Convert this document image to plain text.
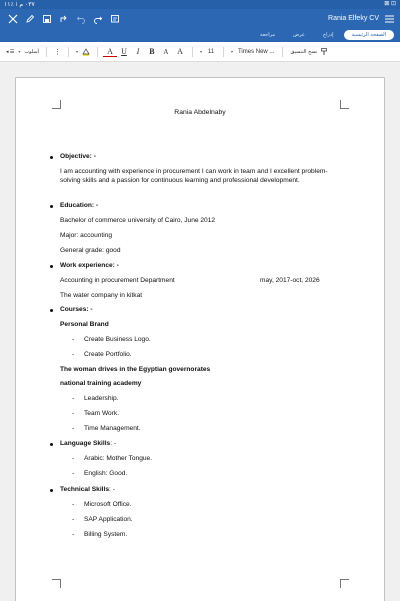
٠٣٧ م ⁞ ٪١١	⊠ ⊡
Rania Elfeky CV
مراجعة	عرض	إدراج	الصفحة الرئيسية
◂ ☰	▾ أسلوب ⋮	▾	A	U	I	B	A	A	▾ 11	▾ Times New ...	نسخ التنسيق
Rania Abdelnaby
Objective: -
I am accounting with experience in procurement I can work in team and I excellent problem-solving skills and a passion for continuous learning and professional development.
Education: -
Bachelor of commerce university of Cairo, June 2012
Major: accounting
General grade: good
Work experience: -
Accounting in procurement Department	may, 2017-oct, 2026
The water company in kitkat
Courses: -
Personal Brand
- Create Business Logo.
- Create Portfolio.
The woman drives in the Egyptian governorates
national training academy
- Leadership.
- Team Work.
- Time Management.
Language Skills: -
- Arabic: Mother Tongue.
- English: Good.
Technical Skills: -
- Microsoft Office.
- SAP Application.
- Billing System.
